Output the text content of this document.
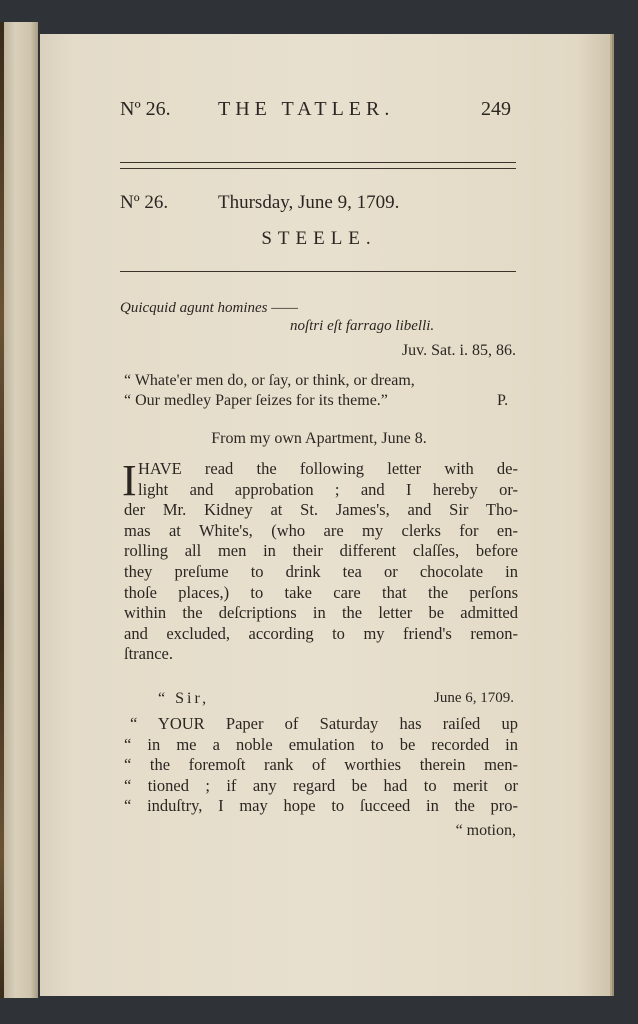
Nº 26. THE TATLER.	249
Nº 26.	Thursday, June 9, 1709.
STEELE.
Quicquid agunt homines ——
noſtri eſt farrago libelli.
Juv. Sat. i. 85, 86.
“ Whate'er men do, or ſay, or think, or dream,
“ Our medley Paper ſeizes for its theme.”	P.
From my own Apartment, June 8.
I HAVE read the following letter with de-
light and approbation ; and I hereby or-
der Mr. Kidney at St. James's, and Sir Tho-
mas at White's, (who are my clerks for en-
rolling all men in their different claſſes, before
they preſume to drink tea or chocolate in
thoſe places,) to take care that the perſons
within the deſcriptions in the letter be admitted
and excluded, according to my friend's remon-
ſtrance.
“ Sir,	June 6, 1709.
“ YOUR Paper of Saturday has raiſed up
“ in me a noble emulation to be recorded in
“ the foremoſt rank of worthies therein men-
“ tioned ; if any regard be had to merit or
“ induſtry, I may hope to ſucceed in the pro-
“ motion,
